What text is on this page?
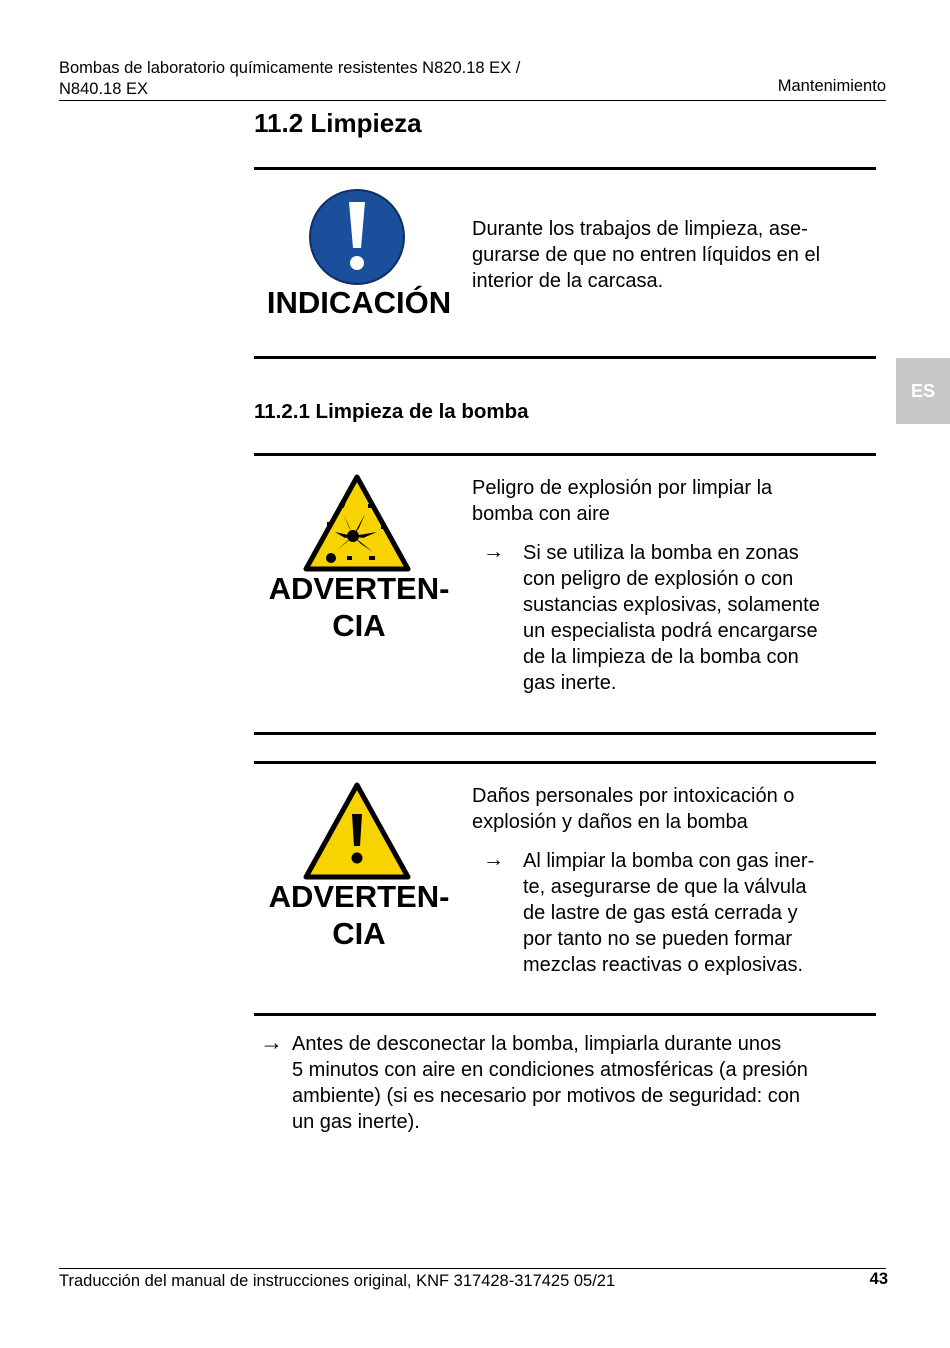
Bombas de laboratorio químicamente resistentes N820.18 EX /
N840.18 EX	Mantenimiento
11.2 Limpieza
INDICACIÓN
Durante los trabajos de limpieza, ase-
gurarse de que no entren líquidos en el
interior de la carcasa.
ES
11.2.1 Limpieza de la bomba
ADVERTEN-
CIA
Peligro de explosión por limpiar la
bomba con aire
→ Si se utiliza la bomba en zonas
con peligro de explosión o con
sustancias explosivas, solamente
un especialista podrá encargarse
de la limpieza de la bomba con
gas inerte.
ADVERTEN-
CIA
Daños personales por intoxicación o
explosión y daños en la bomba
→ Al limpiar la bomba con gas iner-
te, asegurarse de que la válvula
de lastre de gas está cerrada y
por tanto no se pueden formar
mezclas reactivas o explosivas.
→ Antes de desconectar la bomba, limpiarla durante unos
5 minutos con aire en condiciones atmosféricas (a presión
ambiente) (si es necesario por motivos de seguridad: con
un gas inerte).
Traducción del manual de instrucciones original, KNF 317428-317425 05/21	43
